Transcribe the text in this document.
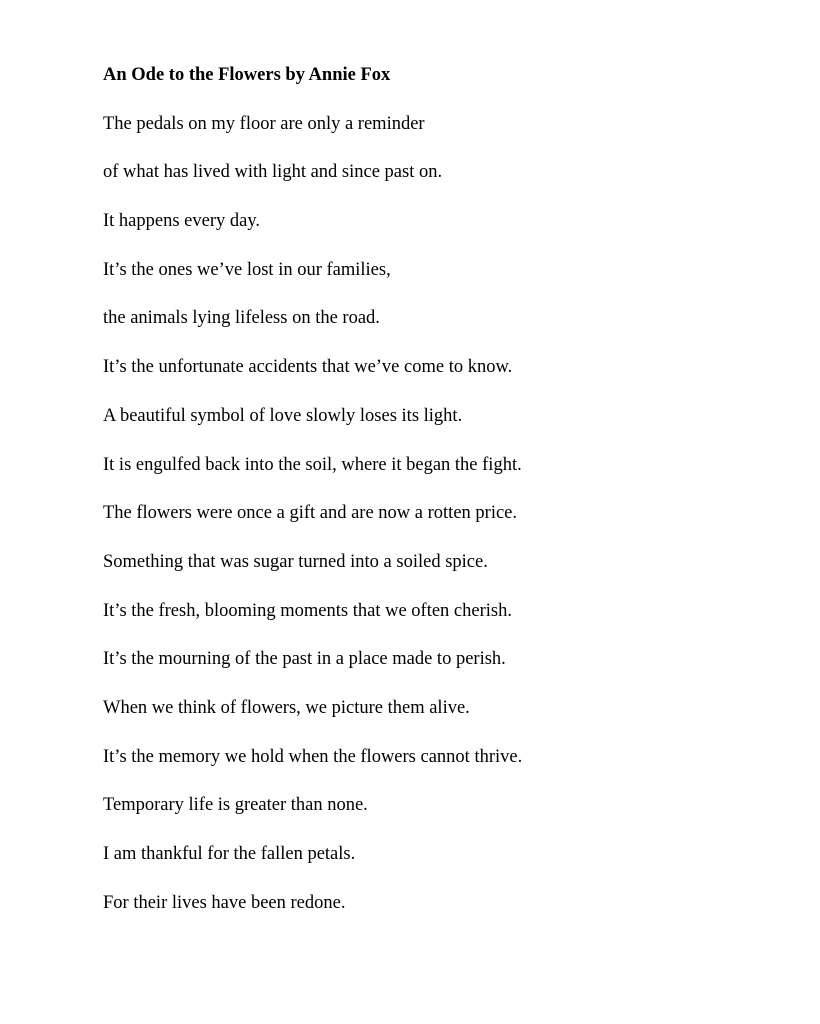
An Ode to the Flowers by Annie Fox
The pedals on my floor are only a reminder
of what has lived with light and since past on.
It happens every day.
It’s the ones we’ve lost in our families,
the animals lying lifeless on the road.
It’s the unfortunate accidents that we’ve come to know.
A beautiful symbol of love slowly loses its light.
It is engulfed back into the soil, where it began the fight.
The flowers were once a gift and are now a rotten price.
Something that was sugar turned into a soiled spice.
It’s the fresh, blooming moments that we often cherish.
It’s the mourning of the past in a place made to perish.
When we think of flowers, we picture them alive.
It’s the memory we hold when the flowers cannot thrive.
Temporary life is greater than none.
I am thankful for the fallen petals.
For their lives have been redone.
